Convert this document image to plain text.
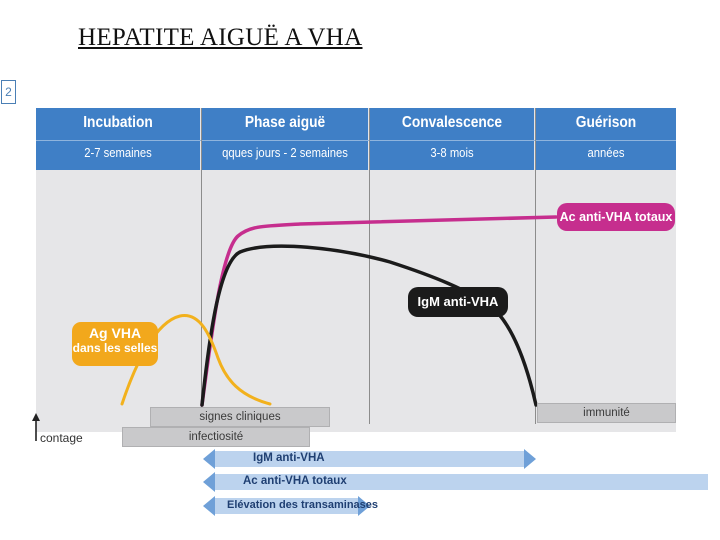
HEPATITE AIGUË A VHA
2
Incubation
2-7 semaines
Phase aiguë
qques jours - 2 semaines
Convalescence
3-8 mois
Guérison
années
Ag VHA
dans les selles
IgM anti-VHA
Ac anti-VHA totaux
signes cliniques
infectiosité
immunité
contage
IgM anti-VHA
Ac anti-VHA totaux
Elévation des transaminases
